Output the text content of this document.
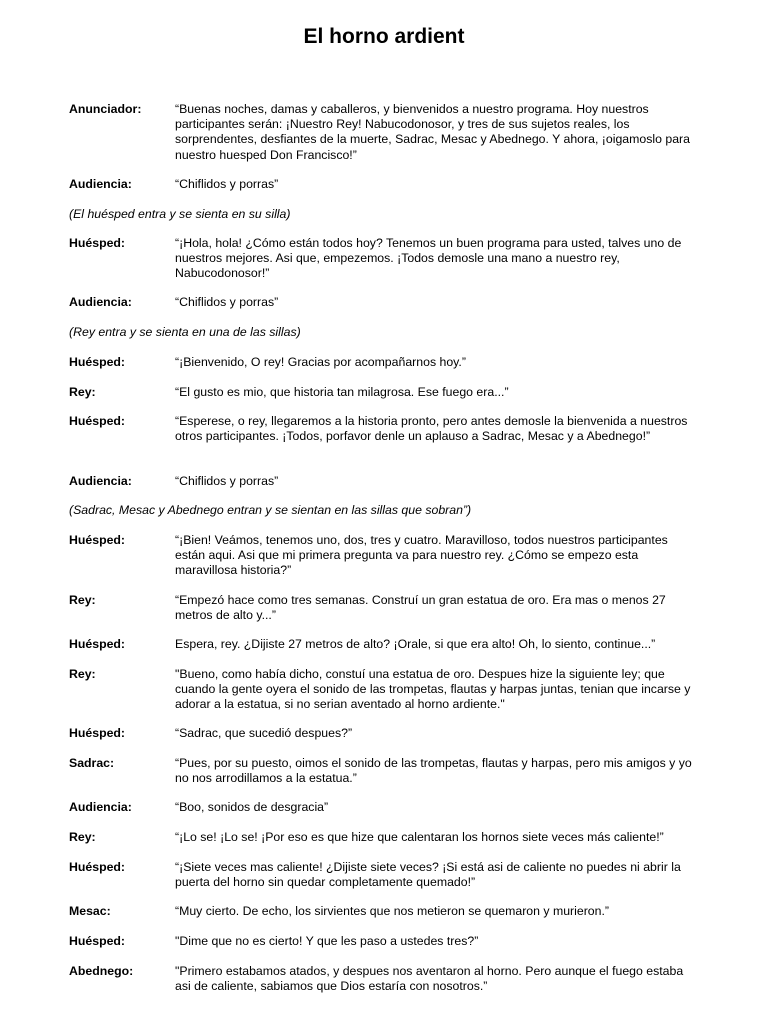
El horno ardient
Anunciador:	“Buenas noches, damas y caballeros, y bienvenidos a nuestro programa. Hoy nuestros participantes serán: ¡Nuestro Rey! Nabucodonosor, y tres de sus sujetos reales, los sorprendentes, desfiantes de la muerte, Sadrac, Mesac y Abednego. Y ahora, ¡oigamoslo para nuestro huesped Don Francisco!”
Audiencia:	“Chiflidos y porras”
(El huésped entra y se sienta en su silla)
Huésped:	“¡Hola, hola! ¿Cómo están todos hoy? Tenemos un buen programa para usted, talves uno de nuestros mejores. Asi que, empezemos. ¡Todos demosle una mano a nuestro rey, Nabucodonosor!”
Audiencia:	“Chiflidos y porras”
(Rey entra y se sienta en una de las sillas)
Huésped:	“¡Bienvenido, O rey! Gracias por acompañarnos hoy.”
Rey:	“El gusto es mio, que historia tan milagrosa. Ese fuego era...”
Huésped:	“Esperese, o rey, llegaremos a la historia pronto, pero antes demosle la bienvenida a nuestros otros participantes. ¡Todos, porfavor denle un aplauso a Sadrac, Mesac y a Abednego!”
Audiencia:	“Chiflidos y porras”
(Sadrac, Mesac y Abednego entran y se sientan en las sillas que sobran”)
Huésped:	“¡Bien! Veámos, tenemos uno, dos, tres y cuatro. Maravilloso, todos nuestros participantes están aqui. Asi que mi primera pregunta va para nuestro rey. ¿Cómo se empezo esta maravillosa historia?”
Rey:	“Empezó hace como tres semanas. Construí un gran estatua de oro. Era mas o menos 27 metros de alto y...”
Huésped:	Espera, rey. ¿Dijiste 27 metros de alto? ¡Orale, si que era alto! Oh, lo siento, continue...”
Rey:	"Bueno, como había dicho, constuí una estatua de oro. Despues hize la siguiente ley; que cuando la gente oyera el sonido de las trompetas, flautas y harpas juntas, tenian que incarse y adorar a la estatua, si no serian aventado al horno ardiente."
Huésped:	“Sadrac, que sucedió despues?”
Sadrac:	“Pues, por su puesto, oimos el sonido de las trompetas, flautas y harpas, pero mis amigos y yo no nos arrodillamos a la estatua.”
Audiencia:	“Boo, sonidos de desgracia”
Rey:	“¡Lo se! ¡Lo se! ¡Por eso es que hize que calentaran los hornos siete veces más caliente!”
Huésped:	“¡Siete veces mas caliente! ¿Dijiste siete veces? ¡Si está asi de caliente no puedes ni abrir la puerta del horno sin quedar completamente quemado!”
Mesac:	“Muy cierto. De echo, los sirvientes que nos metieron se quemaron y murieron.”
Huésped:	"Dime que no es cierto! Y que les paso a ustedes tres?”
Abednego:	"Primero estabamos atados, y despues nos aventaron al horno. Pero aunque el fuego estaba asi de caliente, sabiamos que Dios estaría con nosotros.”
